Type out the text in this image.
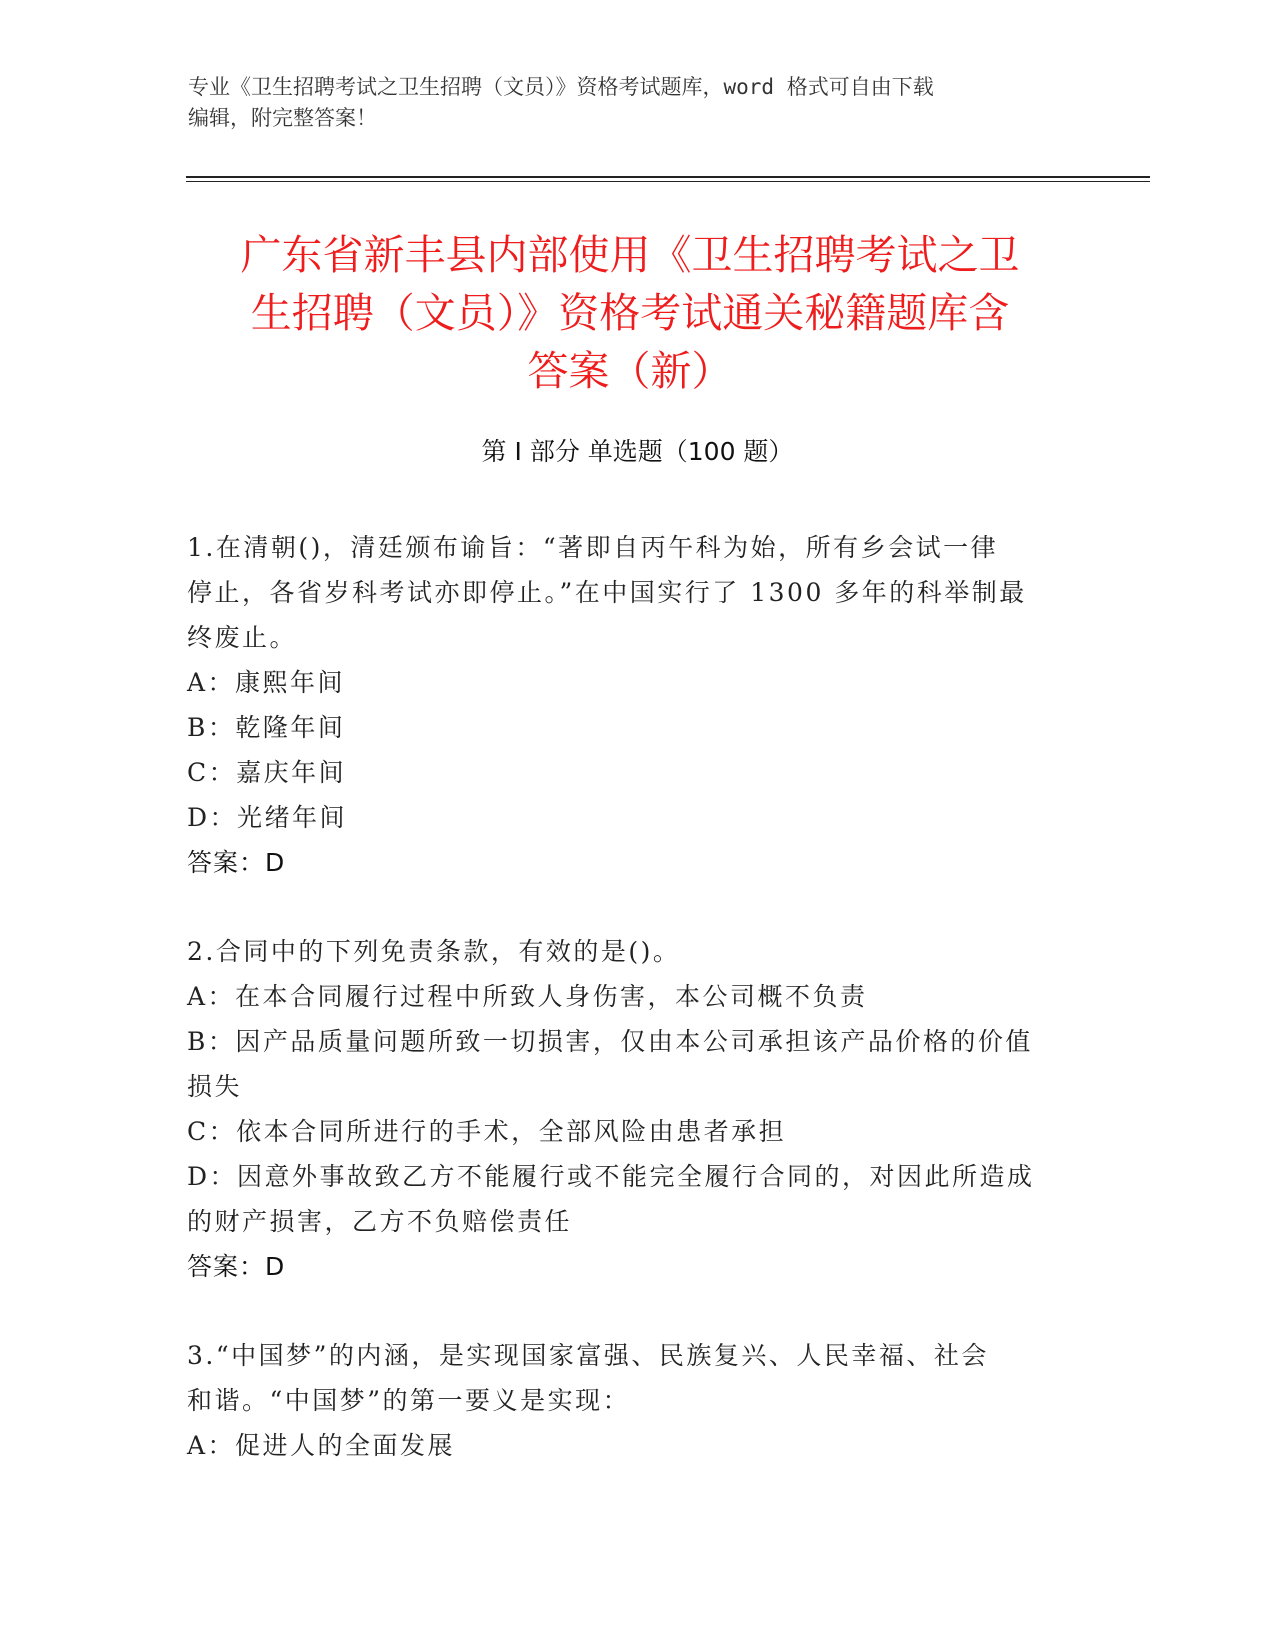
专业《卫生招聘考试之卫生招聘（文员）》资格考试题库，word 格式可自由下载
编辑，附完整答案！
广东省新丰县内部使用《卫生招聘考试之卫
生招聘（文员）》资格考试通关秘籍题库含
答案（新）
第 I 部分 单选题（100 题）
1.在清朝()，清廷颁布谕旨：“著即自丙午科为始，所有乡会试一律
停止，各省岁科考试亦即停止。”在中国实行了 1300 多年的科举制最
终废止。
A：康熙年间
B：乾隆年间
C：嘉庆年间
D：光绪年间
答案：D
2.合同中的下列免责条款，有效的是()。
A：在本合同履行过程中所致人身伤害，本公司概不负责
B：因产品质量问题所致一切损害，仅由本公司承担该产品价格的价值
损失
C：依本合同所进行的手术，全部风险由患者承担
D：因意外事故致乙方不能履行或不能完全履行合同的，对因此所造成
的财产损害，乙方不负赔偿责任
答案：D
3.“中国梦”的内涵，是实现国家富强、民族复兴、人民幸福、社会
和谐。“中国梦”的第一要义是实现：
A：促进人的全面发展
